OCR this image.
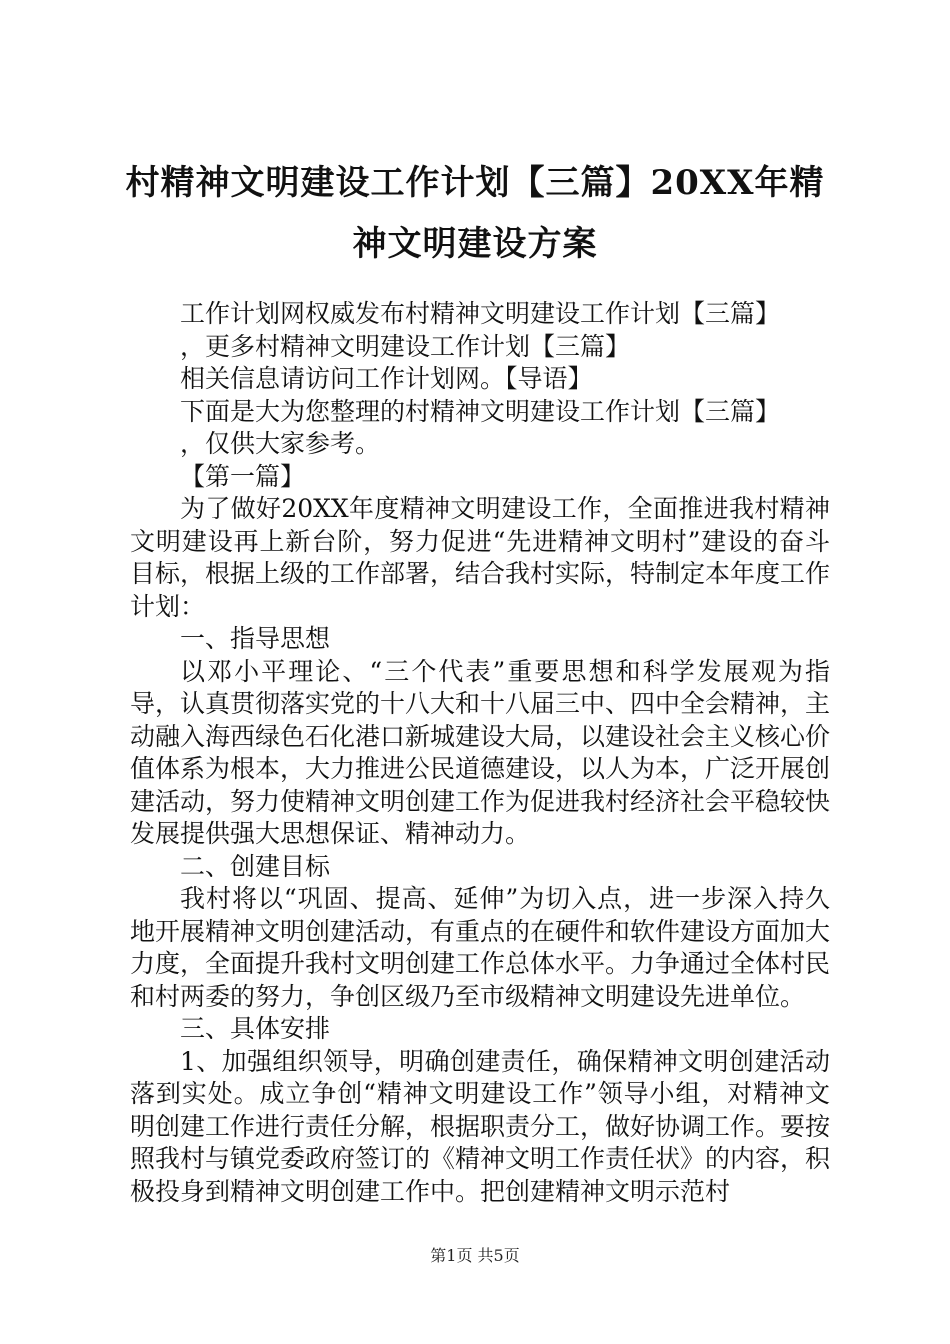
村精神文明建设工作计划【三篇】20XX年精
神文明建设方案

工作计划网权威发布村精神文明建设工作计划【三篇】

，更多村精神文明建设工作计划【三篇】

相关信息请访问工作计划网。【导语】

下面是大为您整理的村精神文明建设工作计划【三篇】

，仅供大家参考。

【第一篇】

为了做好20XX年度精神文明建设工作，全面推进我村精神文明建设再上新台阶，努力促进“先进精神文明村”建设的奋斗目标，根据上级的工作部署，结合我村实际，特制定本年度工作计划：

一、指导思想

以邓小平理论、“三个代表”重要思想和科学发展观为指导，认真贯彻落实党的十八大和十八届三中、四中全会精神，主动融入海西绿色石化港口新城建设大局，以建设社会主义核心价值体系为根本，大力推进公民道德建设，以人为本，广泛开展创建活动，努力使精神文明创建工作为促进我村经济社会平稳较快发展提供强大思想保证、精神动力。

二、创建目标

我村将以“巩固、提高、延伸”为切入点，进一步深入持久地开展精神文明创建活动，有重点的在硬件和软件建设方面加大力度，全面提升我村文明创建工作总体水平。力争通过全体村民和村两委的努力，争创区级乃至市级精神文明建设先进单位。

三、具体安排

1、加强组织领导，明确创建责任，确保精神文明创建活动落到实处。成立争创“精神文明建设工作”领导小组，对精神文明创建工作进行责任分解，根据职责分工，做好协调工作。要按照我村与镇党委政府签订的《精神文明工作责任状》的内容，积极投身到精神文明创建工作中。把创建精神文明示范村

第1页 共5页
